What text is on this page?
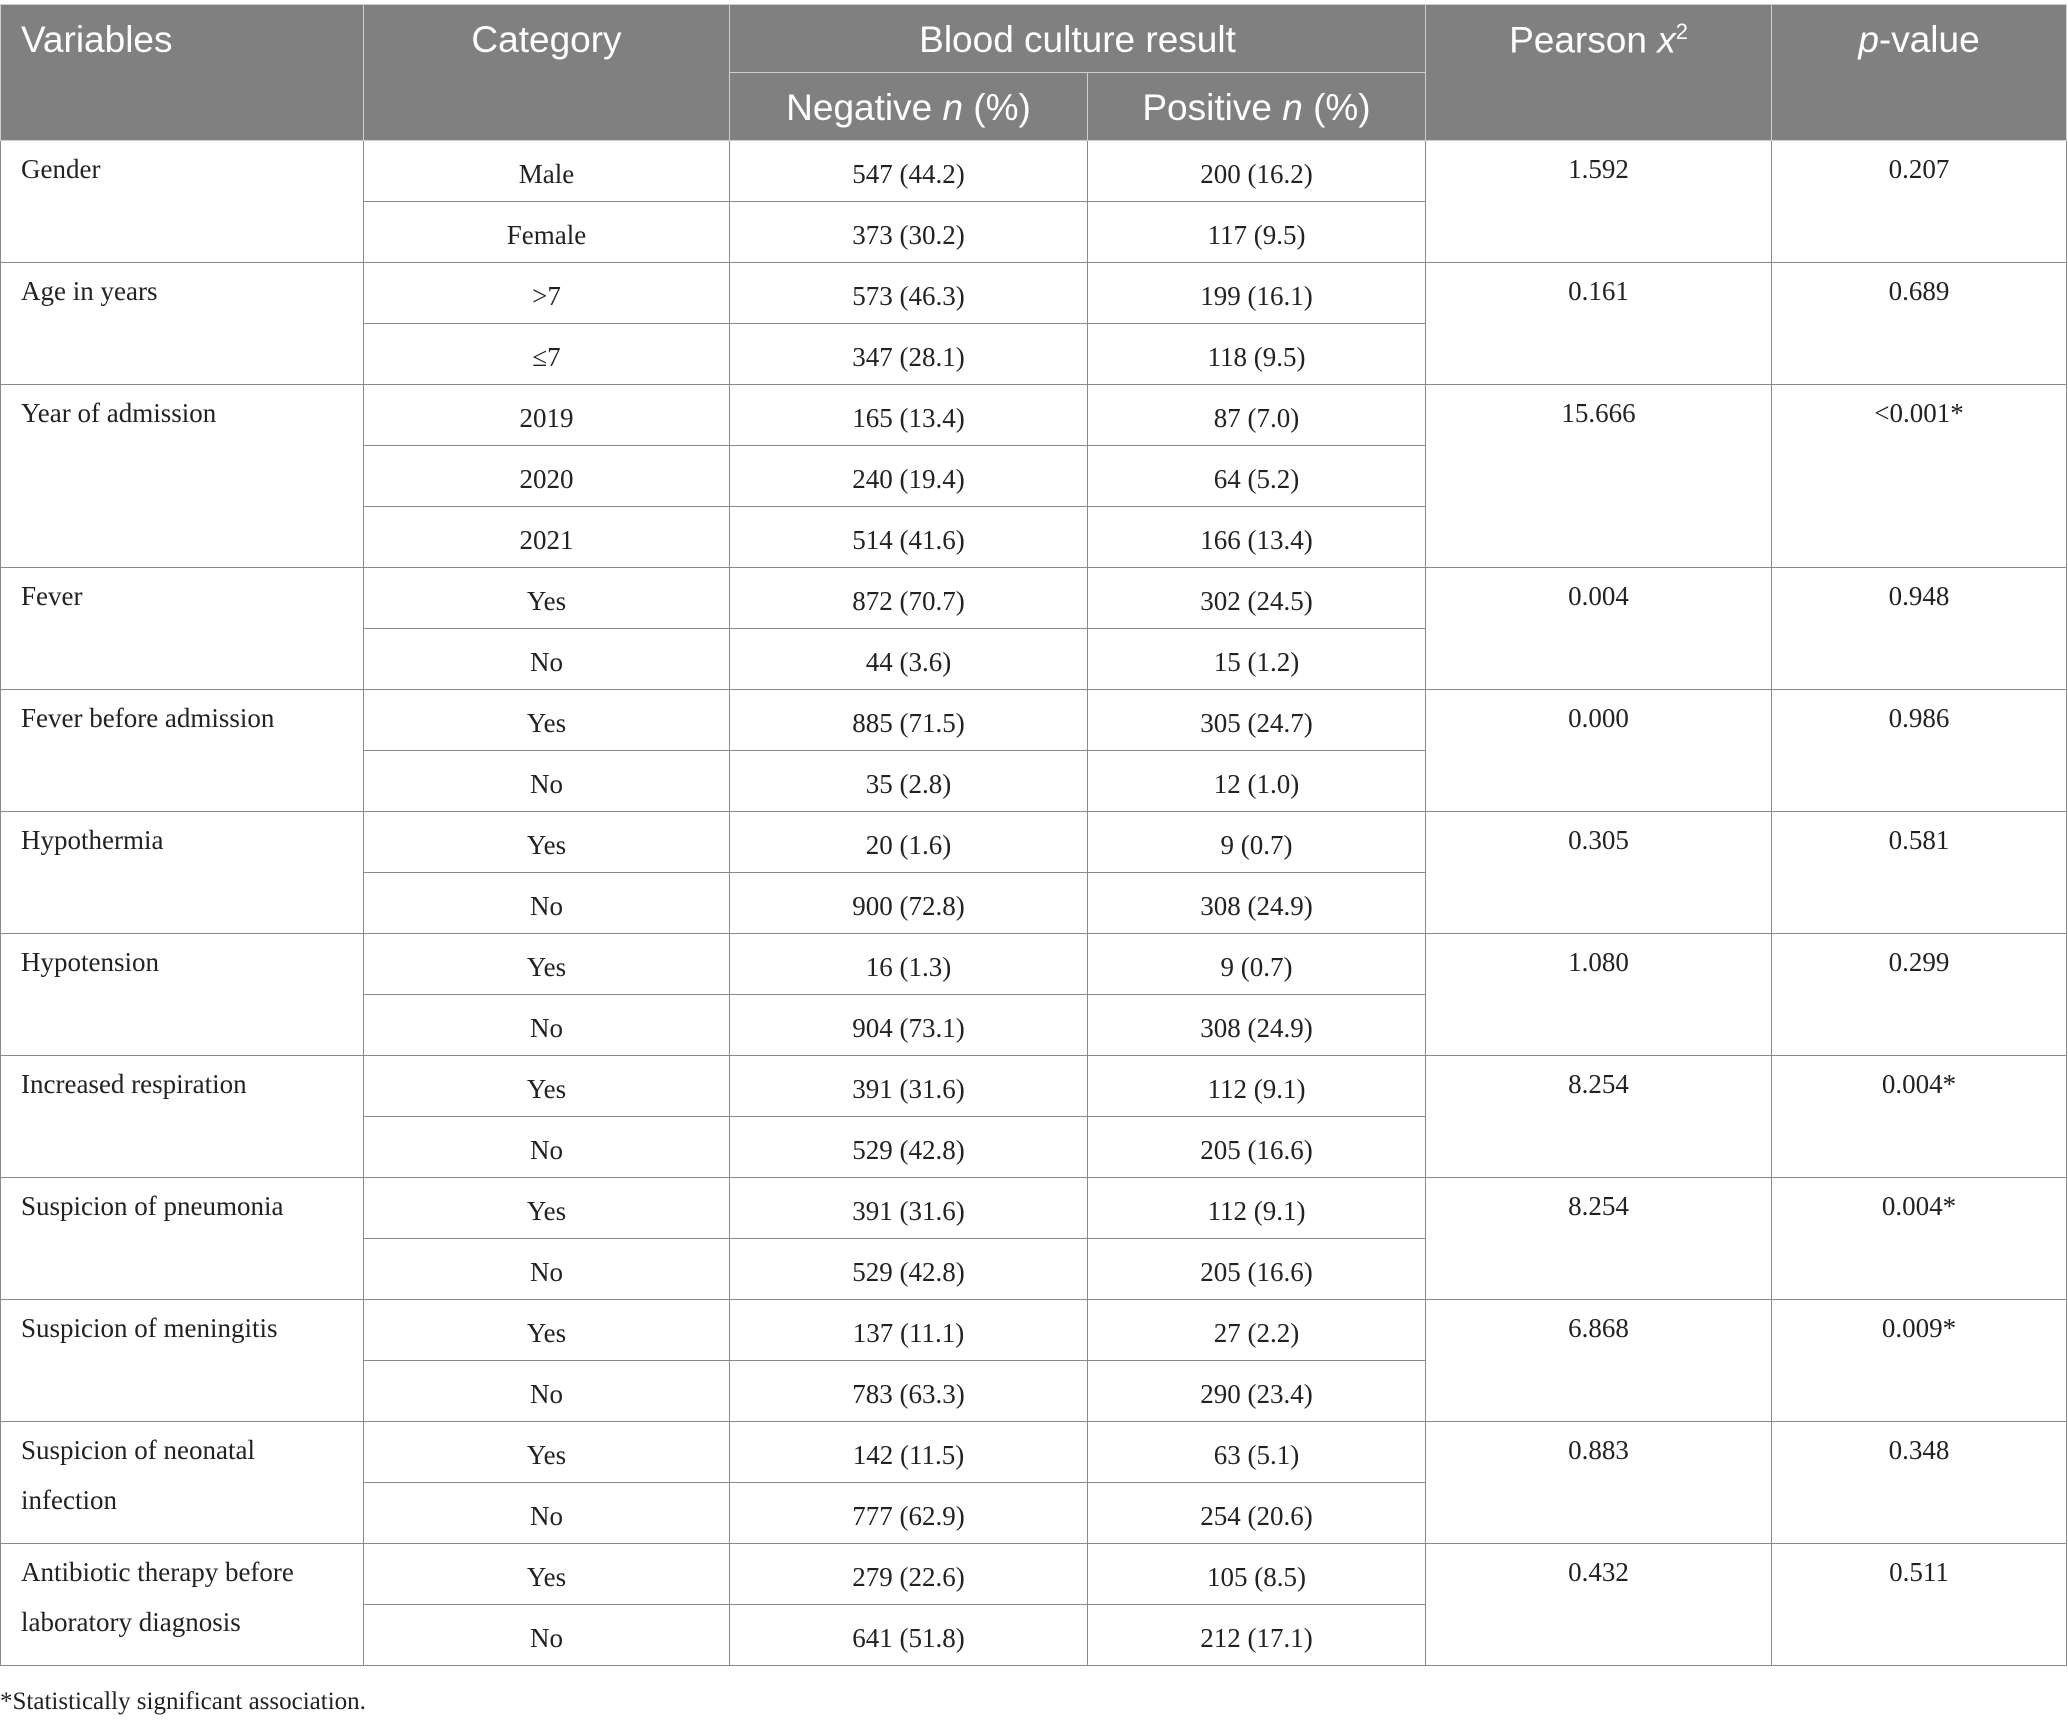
Variables	Category	Blood culture result		Pearson $x^2$	p-value
		Negative n (%)	Positive n (%)		
Gender	Male	547 (44.2)	200 (16.2)	1.592	0.207
	Female	373 (30.2)	117 (9.5)		
Age in years	>7	573 (46.3)	199 (16.1)	0.161	0.689
	≤7	347 (28.1)	118 (9.5)		
Year of admission	2019	165 (13.4)	87 (7.0)	15.666	<0.001*
	2020	240 (19.4)	64 (5.2)		
	2021	514 (41.6)	166 (13.4)		
Fever	Yes	872 (70.7)	302 (24.5)	0.004	0.948
	No	44 (3.6)	15 (1.2)		
Fever before admission	Yes	885 (71.5)	305 (24.7)	0.000	0.986
	No	35 (2.8)	12 (1.0)		
Hypothermia	Yes	20 (1.6)	9 (0.7)	0.305	0.581
	No	900 (72.8)	308 (24.9)		
Hypotension	Yes	16 (1.3)	9 (0.7)	1.080	0.299
	No	904 (73.1)	308 (24.9)		
Increased respiration	Yes	391 (31.6)	112 (9.1)	8.254	0.004*
	No	529 (42.8)	205 (16.6)		
Suspicion of pneumonia	Yes	391 (31.6)	112 (9.1)	8.254	0.004*
	No	529 (42.8)	205 (16.6)		
Suspicion of meningitis	Yes	137 (11.1)	27 (2.2)	6.868	0.009*
	No	783 (63.3)	290 (23.4)		
Suspicion of neonatal infection	Yes	142 (11.5)	63 (5.1)	0.883	0.348
	No	777 (62.9)	254 (20.6)		
Antibiotic therapy before laboratory diagnosis	Yes	279 (22.6)	105 (8.5)	0.432	0.511
	No	641 (51.8)	212 (17.1)		
*Statistically significant association.
